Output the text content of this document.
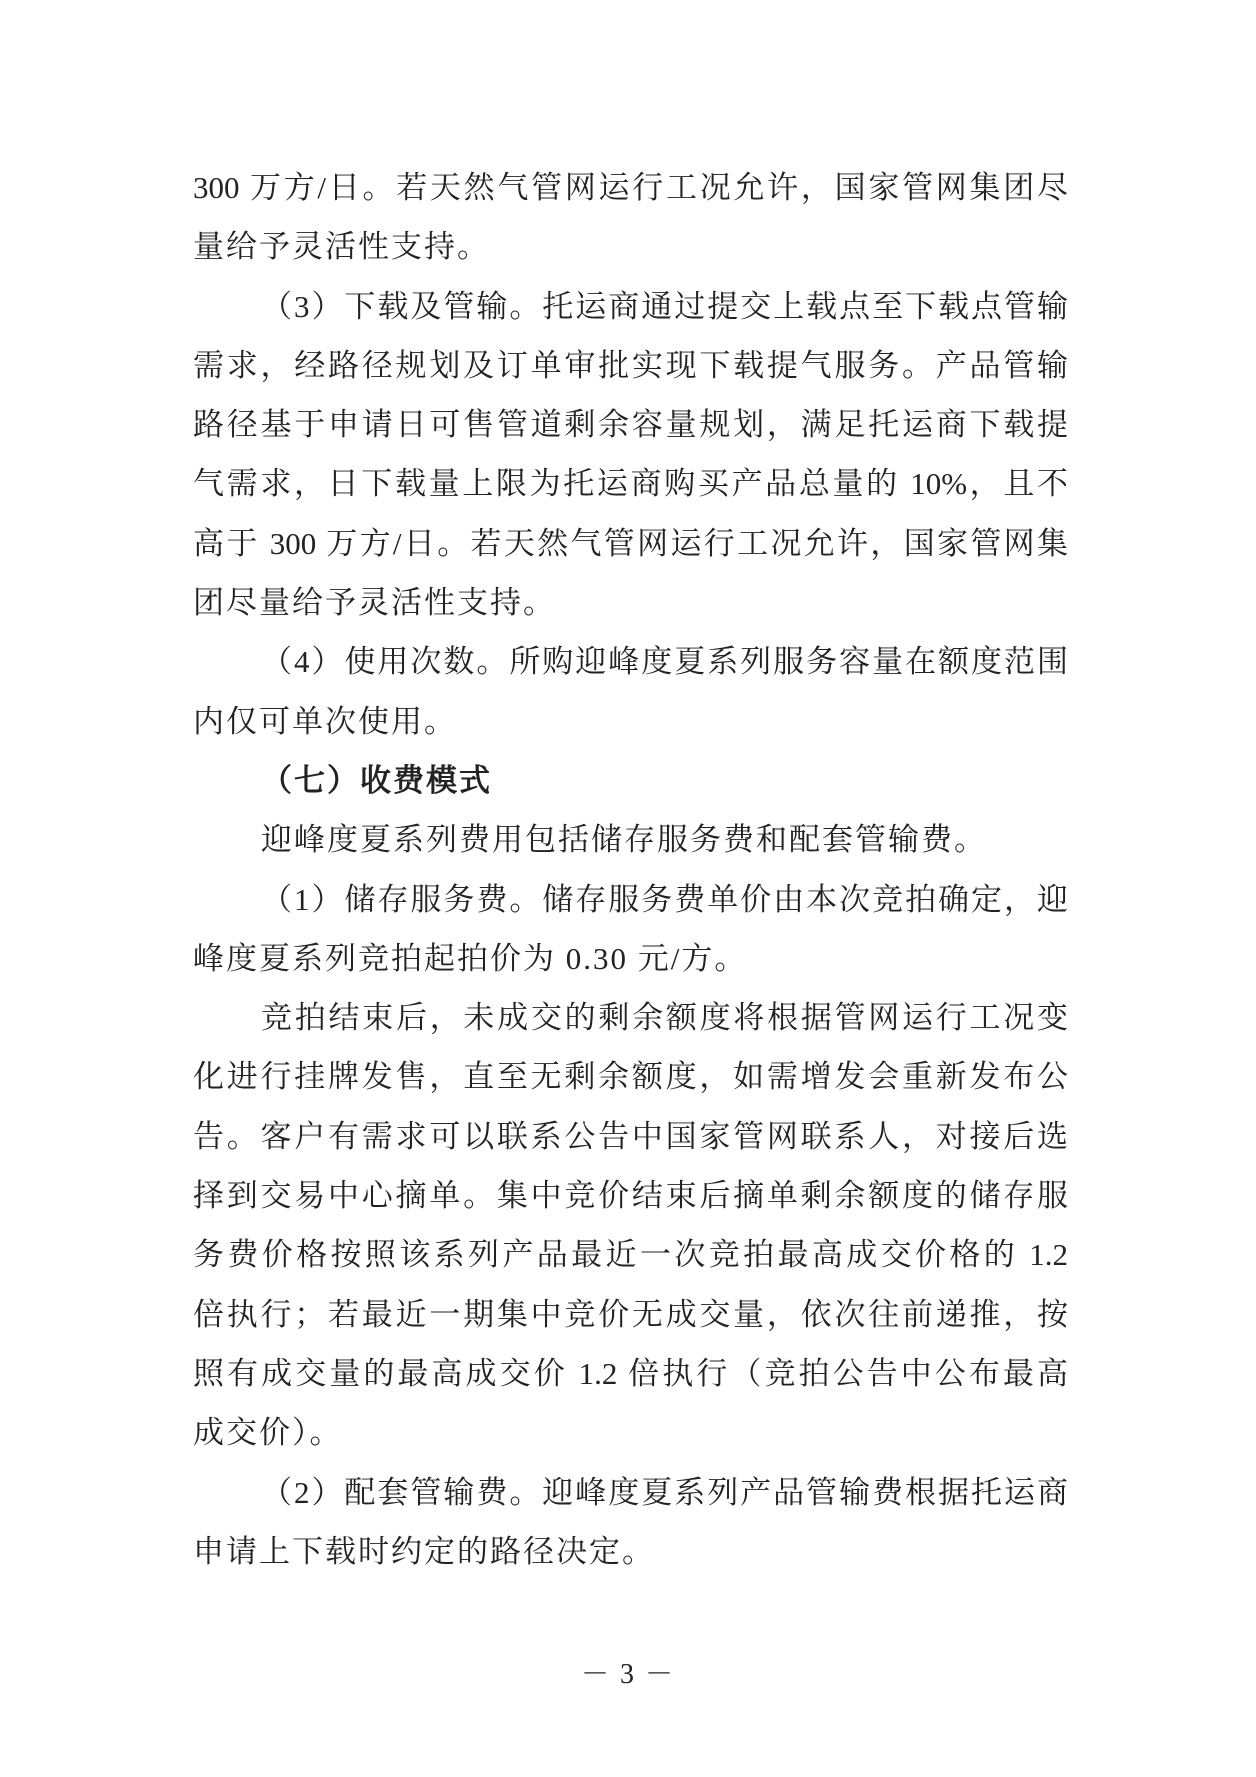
300 万方/日。若天然气管网运行工况允许，国家管网集团尽
量给予灵活性支持。
（3）下载及管输。托运商通过提交上载点至下载点管输
需求，经路径规划及订单审批实现下载提气服务。产品管输
路径基于申请日可售管道剩余容量规划，满足托运商下载提
气需求，日下载量上限为托运商购买产品总量的 10%，且不
高于 300 万方/日。若天然气管网运行工况允许，国家管网集
团尽量给予灵活性支持。
（4）使用次数。所购迎峰度夏系列服务容量在额度范围
内仅可单次使用。
（七）收费模式
迎峰度夏系列费用包括储存服务费和配套管输费。
（1）储存服务费。储存服务费单价由本次竞拍确定，迎
峰度夏系列竞拍起拍价为 0.30 元/方。
竞拍结束后，未成交的剩余额度将根据管网运行工况变
化进行挂牌发售，直至无剩余额度，如需增发会重新发布公
告。客户有需求可以联系公告中国家管网联系人，对接后选
择到交易中心摘单。集中竞价结束后摘单剩余额度的储存服
务费价格按照该系列产品最近一次竞拍最高成交价格的 1.2
倍执行；若最近一期集中竞价无成交量，依次往前递推，按
照有成交量的最高成交价 1.2 倍执行（竞拍公告中公布最高
成交价）。
（2）配套管输费。迎峰度夏系列产品管输费根据托运商
申请上下载时约定的路径决定。
－ 3 －
